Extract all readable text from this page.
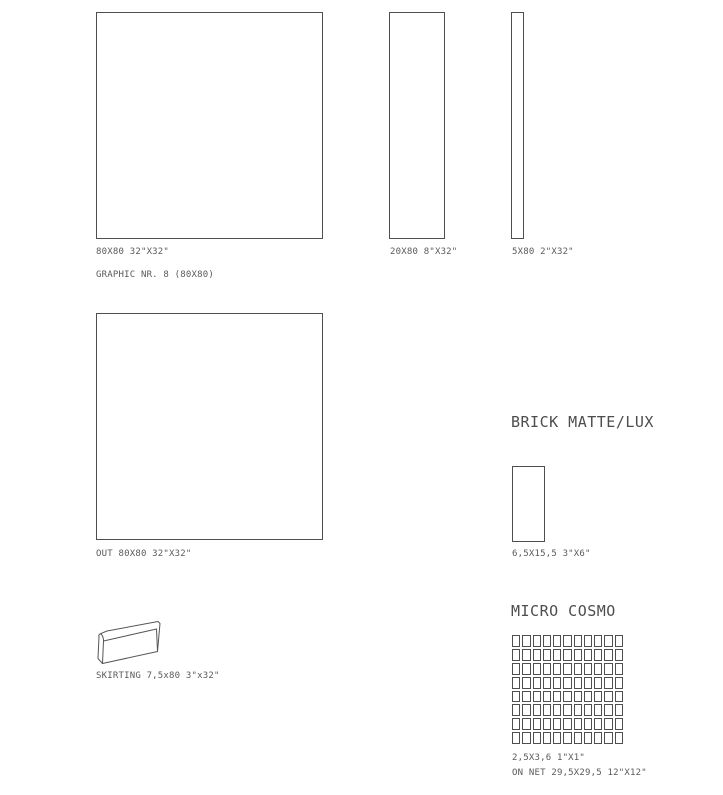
80X80 32"X32"
GRAPHIC NR. 8 (80X80)
20X80 8"X32"	5X80 2"X32"
OUT 80X80 32"X32"
BRICK MATTE/LUX
6,5X15,5 3"X6"
SKIRTING 7,5x80 3"x32"
MICRO COSMO
2,5X3,6 1"X1"
ON NET 29,5X29,5 12"X12"
